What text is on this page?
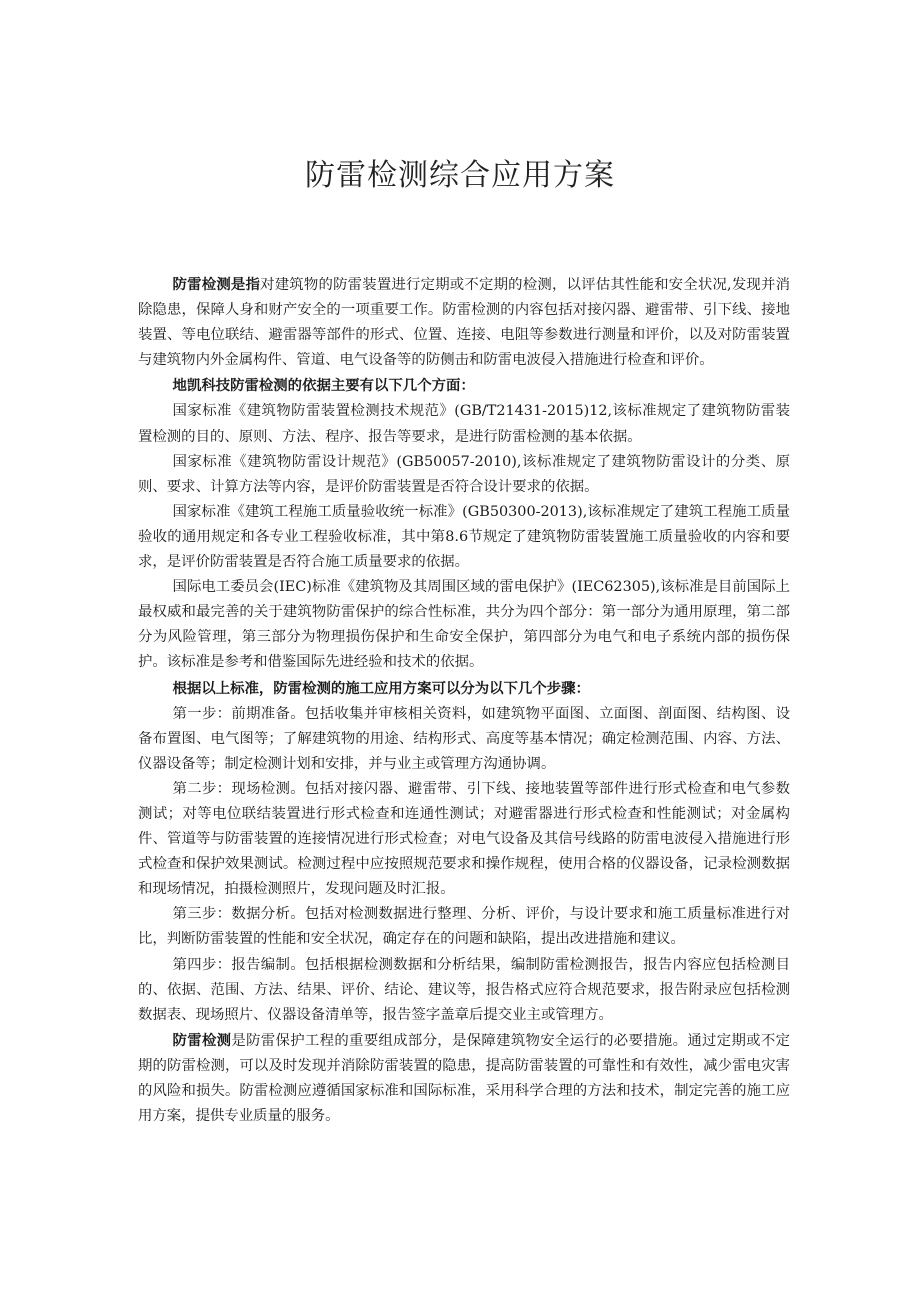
防雷检测综合应用方案

防雷检测是指对建筑物的防雷装置进行定期或不定期的检测，以评估其性能和安全状况,发现并消除隐患，保障人身和财产安全的一项重要工作。防雷检测的内容包括对接闪器、避雷带、引下线、接地装置、等电位联结、避雷器等部件的形式、位置、连接、电阻等参数进行测量和评价，以及对防雷装置与建筑物内外金属构件、管道、电气设备等的防侧击和防雷电波侵入措施进行检查和评价。

地凯科技防雷检测的依据主要有以下几个方面：

国家标准《建筑物防雷装置检测技术规范》(GB/T21431-2015)12,该标准规定了建筑物防雷装置检测的目的、原则、方法、程序、报告等要求，是进行防雷检测的基本依据。

国家标准《建筑物防雷设计规范》(GB50057-2010),该标准规定了建筑物防雷设计的分类、原则、要求、计算方法等内容，是评价防雷装置是否符合设计要求的依据。

国家标准《建筑工程施工质量验收统一标准》(GB50300-2013),该标准规定了建筑工程施工质量验收的通用规定和各专业工程验收标准，其中第8.6节规定了建筑物防雷装置施工质量验收的内容和要求，是评价防雷装置是否符合施工质量要求的依据。

国际电工委员会(IEC)标准《建筑物及其周围区域的雷电保护》(IEC62305),该标准是目前国际上最权威和最完善的关于建筑物防雷保护的综合性标准，共分为四个部分：第一部分为通用原理，第二部分为风险管理，第三部分为物理损伤保护和生命安全保护，第四部分为电气和电子系统内部的损伤保护。该标准是参考和借鉴国际先进经验和技术的依据。

根据以上标准，防雷检测的施工应用方案可以分为以下几个步骤：

第一步：前期准备。包括收集并审核相关资料，如建筑物平面图、立面图、剖面图、结构图、设备布置图、电气图等；了解建筑物的用途、结构形式、高度等基本情况；确定检测范围、内容、方法、仪器设备等；制定检测计划和安排，并与业主或管理方沟通协调。

第二步：现场检测。包括对接闪器、避雷带、引下线、接地装置等部件进行形式检查和电气参数测试；对等电位联结装置进行形式检查和连通性测试；对避雷器进行形式检查和性能测试；对金属构件、管道等与防雷装置的连接情况进行形式检查；对电气设备及其信号线路的防雷电波侵入措施进行形式检查和保护效果测试。检测过程中应按照规范要求和操作规程，使用合格的仪器设备，记录检测数据和现场情况，拍摄检测照片，发现问题及时汇报。

第三步：数据分析。包括对检测数据进行整理、分析、评价，与设计要求和施工质量标准进行对比，判断防雷装置的性能和安全状况，确定存在的问题和缺陷，提出改进措施和建议。

第四步：报告编制。包括根据检测数据和分析结果，编制防雷检测报告，报告内容应包括检测目的、依据、范围、方法、结果、评价、结论、建议等，报告格式应符合规范要求，报告附录应包括检测数据表、现场照片、仪器设备清单等，报告签字盖章后提交业主或管理方。

防雷检测是防雷保护工程的重要组成部分，是保障建筑物安全运行的必要措施。通过定期或不定期的防雷检测，可以及时发现并消除防雷装置的隐患，提高防雷装置的可靠性和有效性，减少雷电灾害的风险和损失。防雷检测应遵循国家标准和国际标准，采用科学合理的方法和技术，制定完善的施工应用方案，提供专业质量的服务。
